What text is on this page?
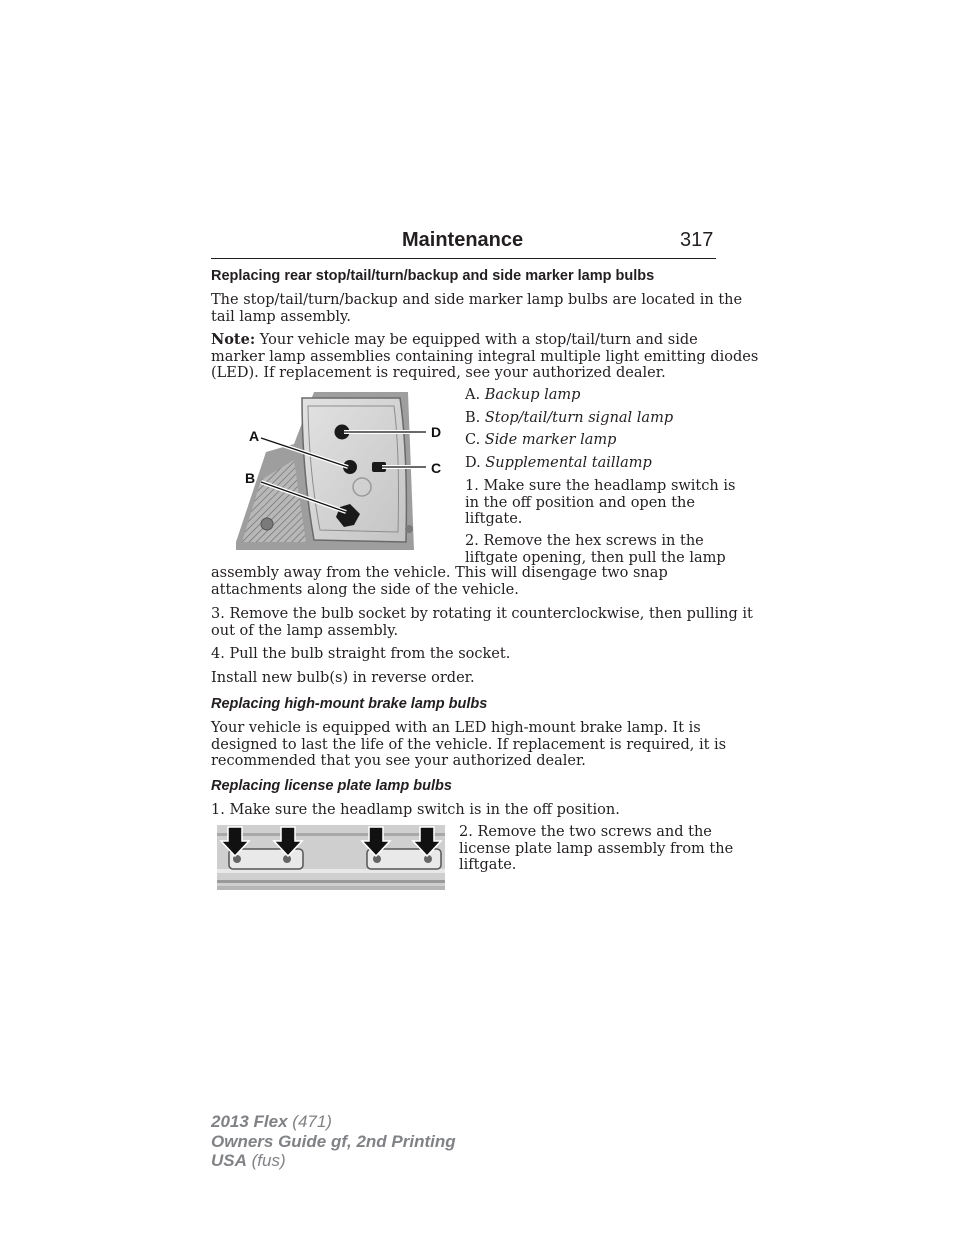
Maintenance	317
Replacing rear stop/tail/turn/backup and side marker lamp bulbs
The stop/tail/turn/backup and side marker lamp bulbs are located in the
tail lamp assembly.
Note: Your vehicle may be equipped with a stop/tail/turn and side
marker lamp assemblies containing integral multiple light emitting diodes
(LED). If replacement is required, see your authorized dealer.
A
B
D
C
A. Backup lamp
B. Stop/tail/turn signal lamp
C. Side marker lamp
D. Supplemental taillamp
1. Make sure the headlamp switch is
in the off position and open the
liftgate.
2. Remove the hex screws in the
liftgate opening, then pull the lamp
assembly away from the vehicle. This will disengage two snap
attachments along the side of the vehicle.
3. Remove the bulb socket by rotating it counterclockwise, then pulling it
out of the lamp assembly.
4. Pull the bulb straight from the socket.
Install new bulb(s) in reverse order.
Replacing high-mount brake lamp bulbs
Your vehicle is equipped with an LED high-mount brake lamp. It is
designed to last the life of the vehicle. If replacement is required, it is
recommended that you see your authorized dealer.
Replacing license plate lamp bulbs
1. Make sure the headlamp switch is in the off position.
2. Remove the two screws and the
license plate lamp assembly from the
liftgate.
2013 Flex (471)
Owners Guide gf, 2nd Printing
USA (fus)
